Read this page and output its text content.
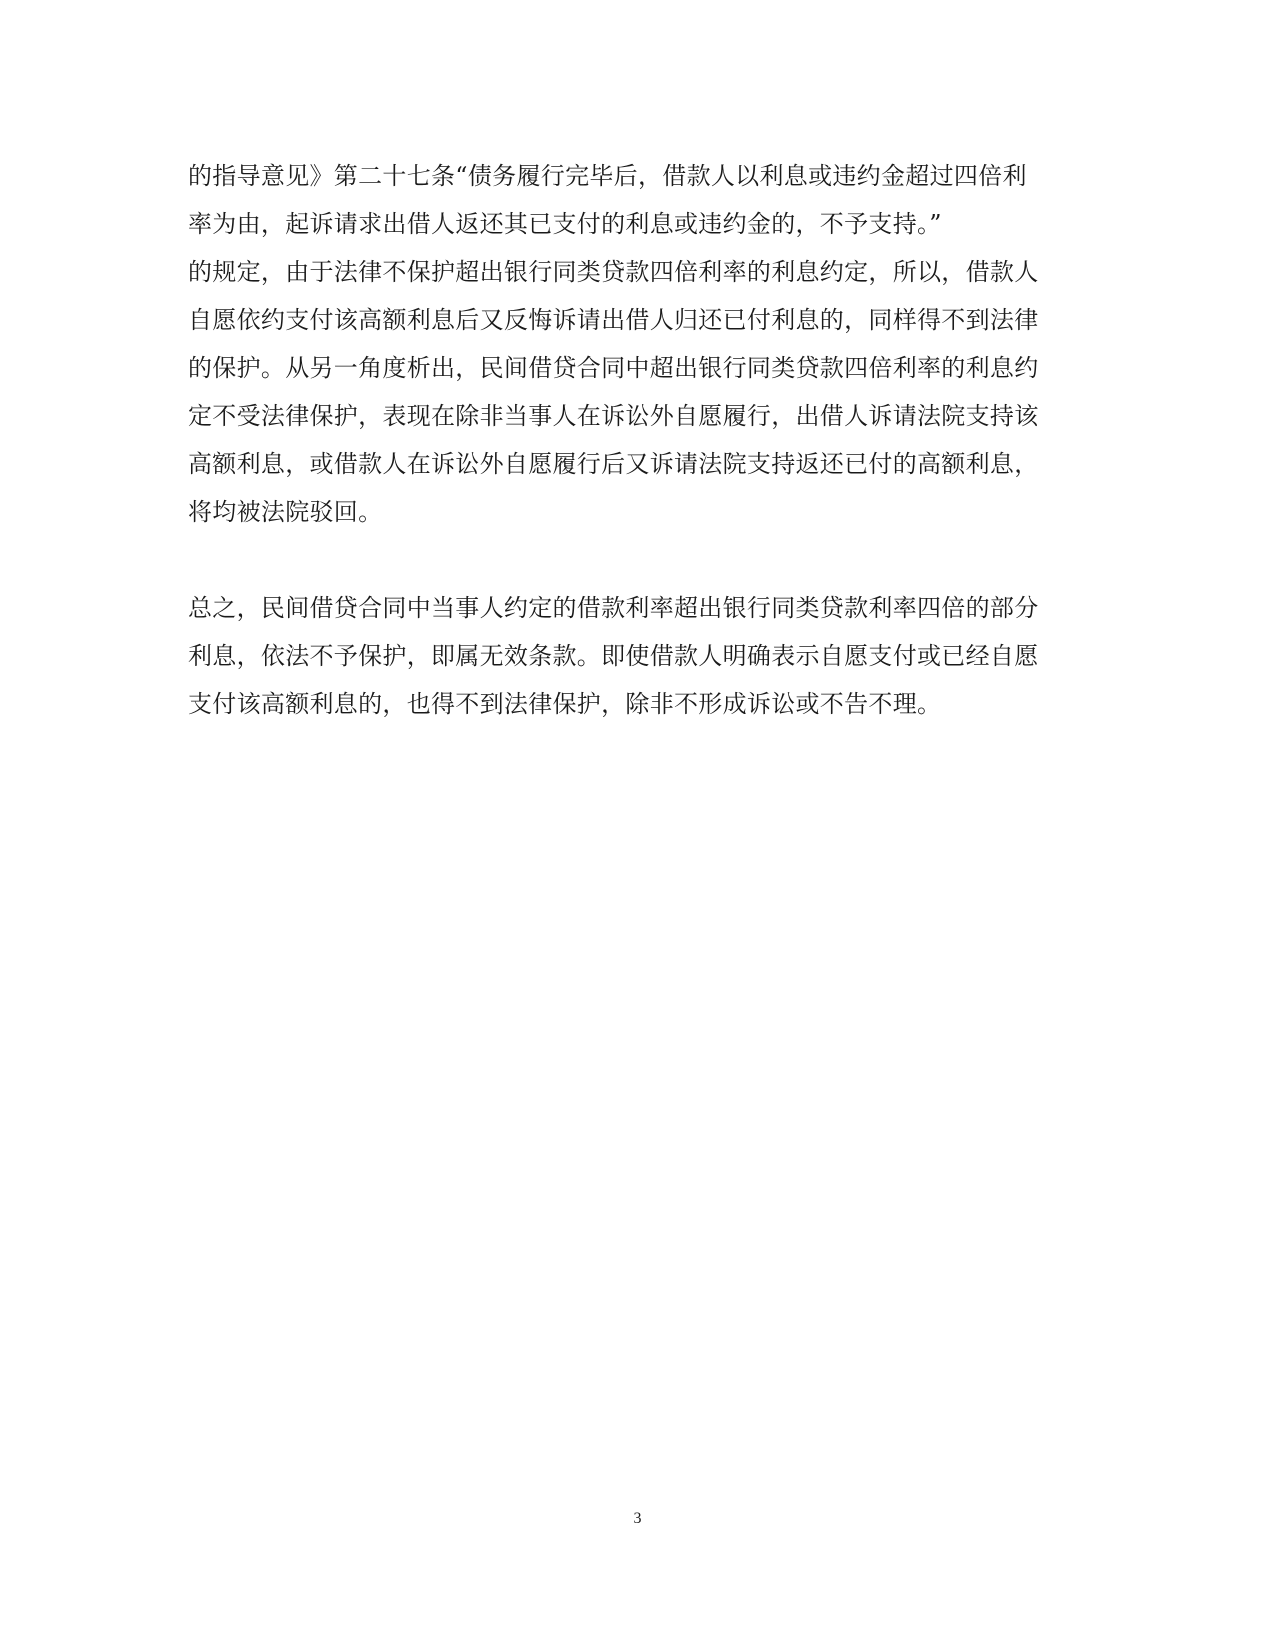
的指导意见》第二十七条“债务履行完毕后，借款人以利息或违约金超过四倍利
率为由，起诉请求出借人返还其已支付的利息或违约金的，不予支持。”
的规定，由于法律不保护超出银行同类贷款四倍利率的利息约定，所以，借款人
自愿依约支付该高额利息后又反悔诉请出借人归还已付利息的，同样得不到法律
的保护。从另一角度析出，民间借贷合同中超出银行同类贷款四倍利率的利息约
定不受法律保护，表现在除非当事人在诉讼外自愿履行，出借人诉请法院支持该
高额利息，或借款人在诉讼外自愿履行后又诉请法院支持返还已付的高额利息，
将均被法院驳回。
总之，民间借贷合同中当事人约定的借款利率超出银行同类贷款利率四倍的部分
利息，依法不予保护，即属无效条款。即使借款人明确表示自愿支付或已经自愿
支付该高额利息的，也得不到法律保护，除非不形成诉讼或不告不理。
3
